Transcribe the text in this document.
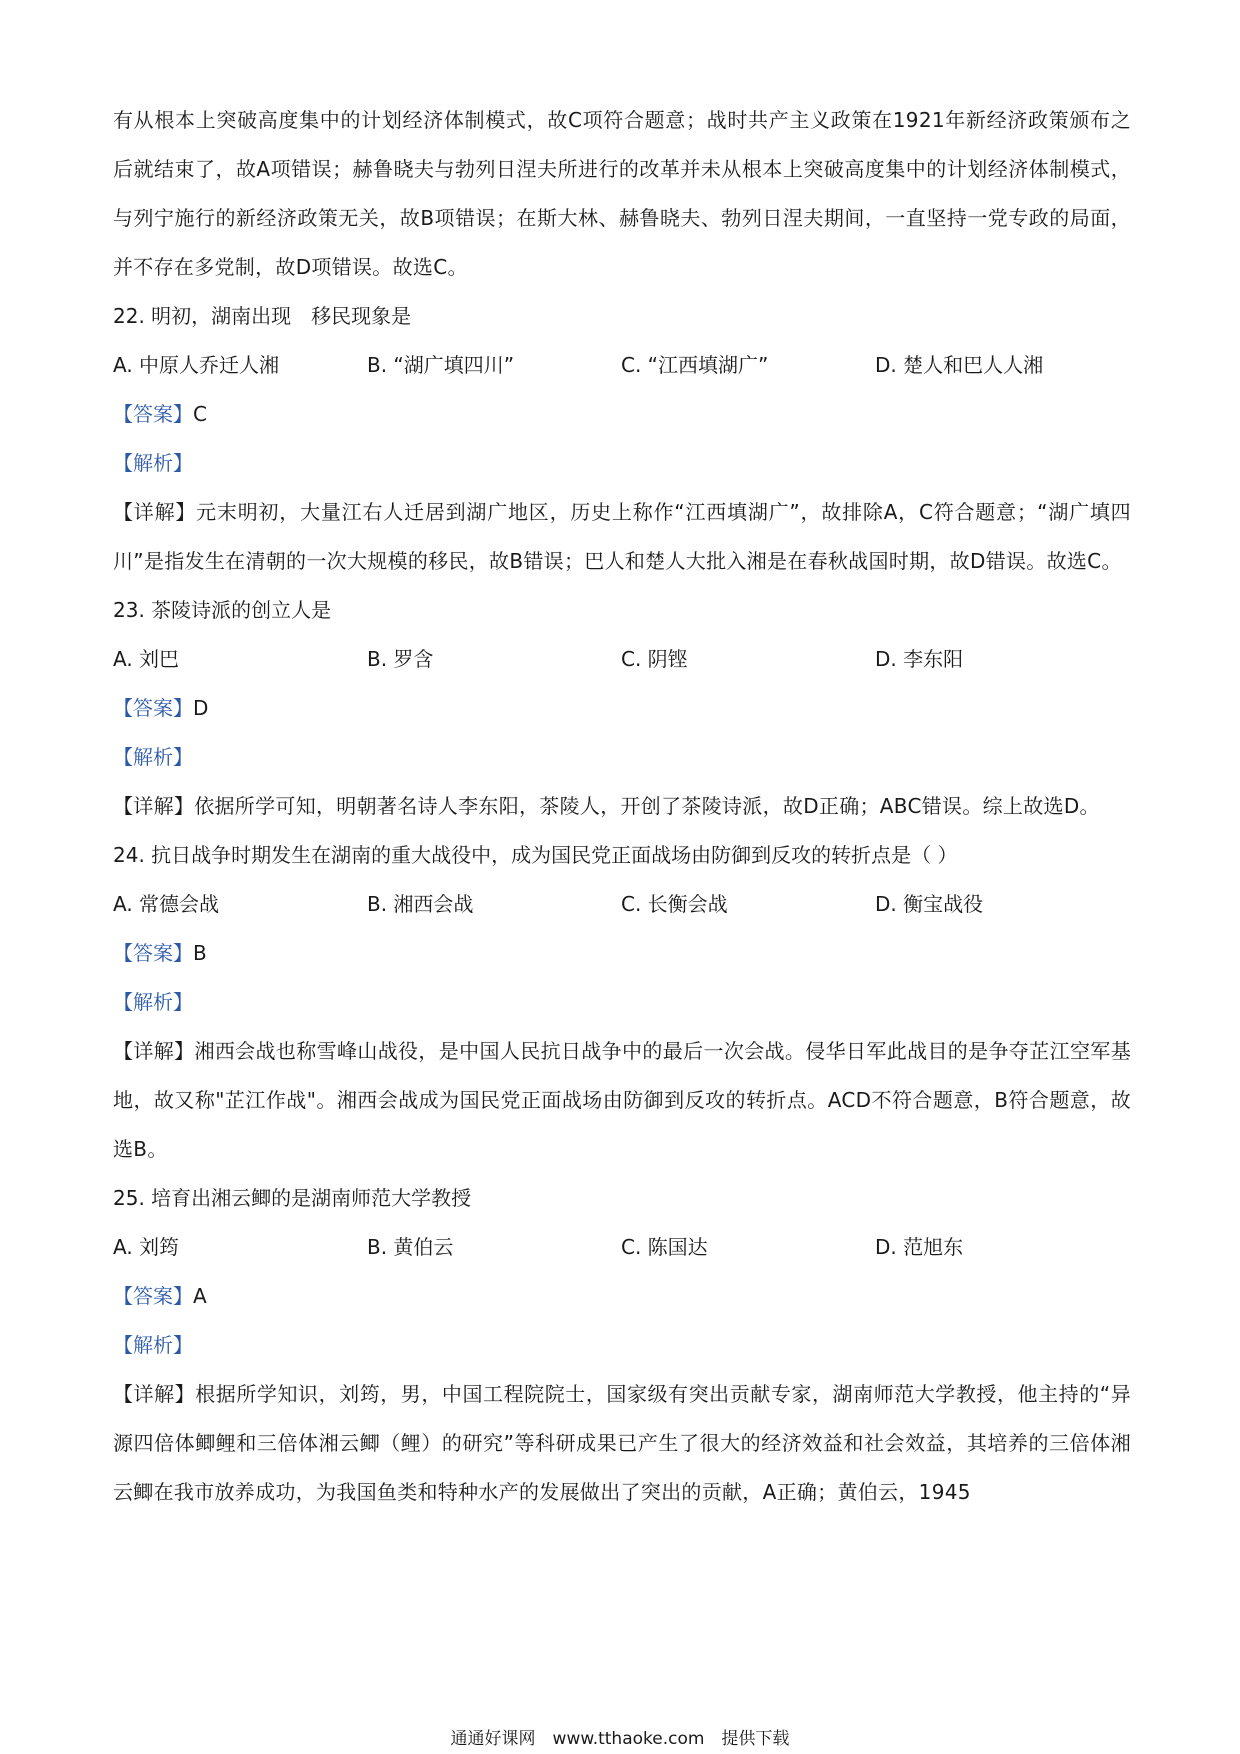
有从根本上突破高度集中的计划经济体制模式，故C项符合题意；战时共产主义政策在1921年新经济政策颁布之后就结束了，故A项错误；赫鲁晓夫与勃列日涅夫所进行的改革并未从根本上突破高度集中的计划经济体制模式，与列宁施行的新经济政策无关，故B项错误；在斯大林、赫鲁晓夫、勃列日涅夫期间，一直坚持一党专政的局面，并不存在多党制，故D项错误。故选C。

22. 明初，湖南出现　移民现象是

A. 中原人乔迁人湘	B. “湖广填四川”	C. “江西填湖广”	D. 楚人和巴人人湘

【答案】C

【解析】

【详解】元末明初，大量江右人迁居到湖广地区，历史上称作“江西填湖广”，故排除A，C符合题意；“湖广填四川”是指发生在清朝的一次大规模的移民，故B错误；巴人和楚人大批入湘是在春秋战国时期，故D错误。故选C。

23. 茶陵诗派的创立人是

A. 刘巴	B. 罗含	C. 阴铿	D. 李东阳

【答案】D

【解析】

【详解】依据所学可知，明朝著名诗人李东阳，茶陵人，开创了茶陵诗派，故D正确；ABC错误。综上故选D。

24. 抗日战争时期发生在湖南的重大战役中，成为国民党正面战场由防御到反攻的转折点是（ ）

A. 常德会战	B. 湘西会战	C. 长衡会战	D. 衡宝战役

【答案】B

【解析】

【详解】湘西会战也称雪峰山战役，是中国人民抗日战争中的最后一次会战。侵华日军此战目的是争夺芷江空军基地，故又称"芷江作战"。湘西会战成为国民党正面战场由防御到反攻的转折点。ACD不符合题意，B符合题意，故选B。

25. 培育出湘云鲫的是湖南师范大学教授

A. 刘筠	B. 黄伯云	C. 陈国达	D. 范旭东

【答案】A

【解析】

【详解】根据所学知识，刘筠，男，中国工程院院士，国家级有突出贡献专家，湖南师范大学教授，他主持的“异源四倍体鲫鲤和三倍体湘云鲫（鲤）的研究”等科研成果已产生了很大的经济效益和社会效益，其培养的三倍体湘云鲫在我市放养成功，为我国鱼类和特种水产的发展做出了突出的贡献，A正确；黄伯云，1945

通通好课网　www.tthaoke.com　提供下载
